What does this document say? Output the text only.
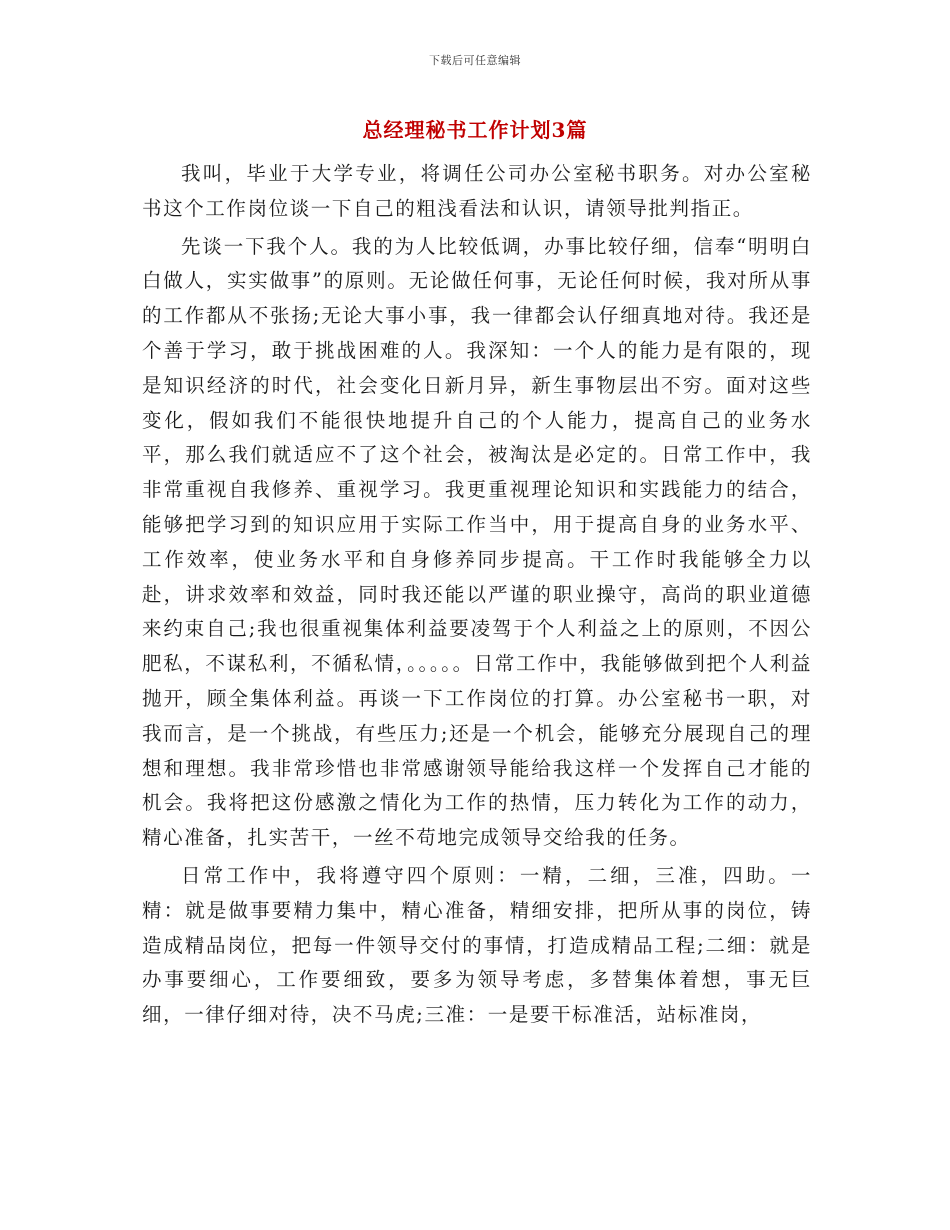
下载后可任意编辑
总经理秘书工作计划3篇

我叫，毕业于大学专业，将调任公司办公室秘书职务。对办公室秘书这个工作岗位谈一下自己的粗浅看法和认识，请领导批判指正。

先谈一下我个人。我的为人比较低调，办事比较仔细，信奉“明明白白做人，实实做事”的原则。无论做任何事，无论任何时候，我对所从事的工作都从不张扬;无论大事小事，我一律都会认仔细真地对待。我还是个善于学习，敢于挑战困难的人。我深知：一个人的能力是有限的，现是知识经济的时代，社会变化日新月异，新生事物层出不穷。面对这些变化，假如我们不能很快地提升自己的个人能力，提高自己的业务水平，那么我们就适应不了这个社会，被淘汰是必定的。日常工作中，我非常重视自我修养、重视学习。我更重视理论知识和实践能力的结合，能够把学习到的知识应用于实际工作当中，用于提高自身的业务水平、工作效率，使业务水平和自身修养同步提高。干工作时我能够全力以赴，讲求效率和效益，同时我还能以严谨的职业操守，高尚的职业道德来约束自己;我也很重视集体利益要凌驾于个人利益之上的原则，不因公肥私，不谋私利，不循私情，。。。。。日常工作中，我能够做到把个人利益抛开，顾全集体利益。再谈一下工作岗位的打算。办公室秘书一职，对我而言，是一个挑战，有些压力;还是一个机会，能够充分展现自己的理想和理想。我非常珍惜也非常感谢领导能给我这样一个发挥自己才能的机会。我将把这份感激之情化为工作的热情，压力转化为工作的动力，精心准备，扎实苦干，一丝不苟地完成领导交给我的任务。

日常工作中，我将遵守四个原则：一精，二细，三准，四助。一精：就是做事要精力集中，精心准备，精细安排，把所从事的岗位，铸造成精品岗位，把每一件领导交付的事情，打造成精品工程;二细：就是办事要细心，工作要细致，要多为领导考虑，多替集体着想，事无巨细，一律仔细对待，决不马虎;三准：一是要干标准活，站标准岗，
